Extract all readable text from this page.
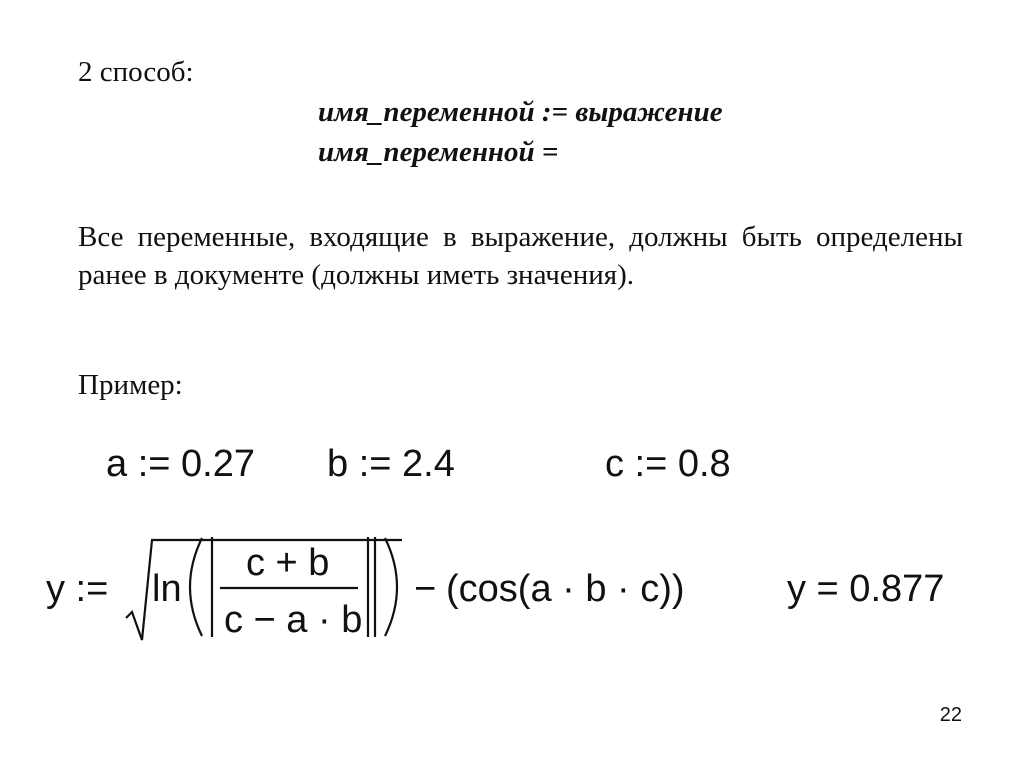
2 способ:
имя_переменной := выражение
имя_переменной =
Все переменные, входящие в выражение, должны быть определены ранее в документе (должны иметь значения).
Пример:
a := 0.27 b := 2.4	c := 0.8
y := ln
c + b
c − a · b
− (cos(a · b · c))	y = 0.877
22
